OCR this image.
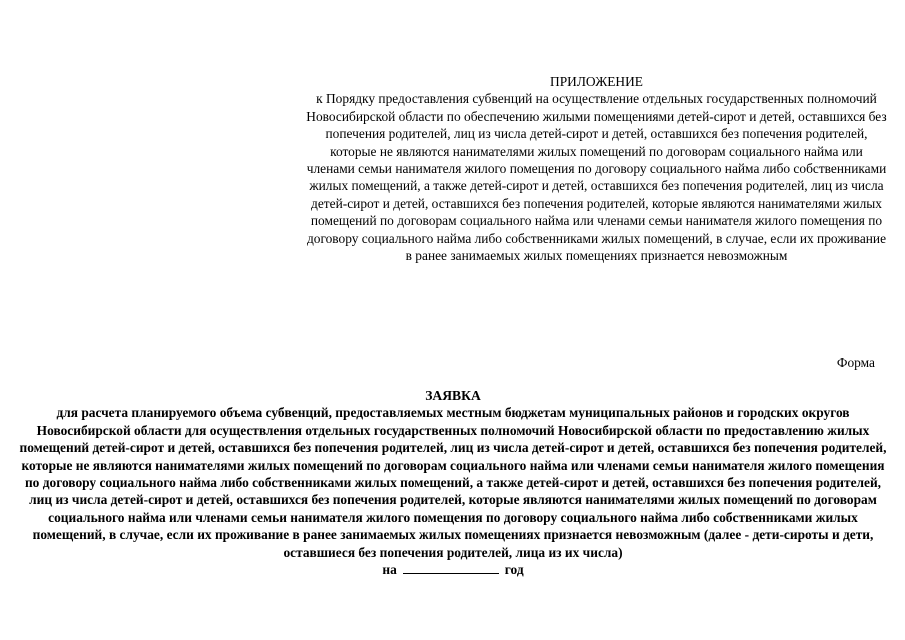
ПРИЛОЖЕНИЕ
к Порядку предоставления субвенций на осуществление отдельных государственных полномочий Новосибирской области по обеспечению жилыми помещениями детей-сирот и детей, оставшихся без попечения родителей, лиц из числа детей-сирот и детей, оставшихся без попечения родителей, которые не являются нанимателями жилых помещений по договорам социального найма или членами семьи нанимателя жилого помещения по договору социального найма либо собственниками жилых помещений, а также детей-сирот и детей, оставшихся без попечения родителей, лиц из числа детей-сирот и детей, оставшихся без попечения родителей, которые являются нанимателями жилых помещений по договорам социального найма или членами семьи нанимателя жилого помещения по договору социального найма либо собственниками жилых помещений, в случае, если их проживание в ранее занимаемых жилых помещениях признается невозможным
Форма
ЗАЯВКА
для расчета планируемого объема субвенций, предоставляемых местным бюджетам муниципальных районов и городских округов Новосибирской области для осуществления отдельных государственных полномочий Новосибирской области по предоставлению жилых помещений детей-сирот и детей, оставшихся без попечения родителей, лиц из числа детей-сирот и детей, оставшихся без попечения родителей, которые не являются нанимателями жилых помещений по договорам социального найма или членами семьи нанимателя жилого помещения по договору социального найма либо собственниками жилых помещений, а также детей-сирот и детей, оставшихся без попечения родителей, лиц из числа детей-сирот и детей, оставшихся без попечения родителей, которые являются нанимателями жилых помещений по договорам социального найма или членами семьи нанимателя жилого помещения по договору социального найма либо собственниками жилых помещений, в случае, если их проживание в ранее занимаемых жилых помещениях признается невозможным (далее - дети-сироты и дети, оставшиеся без попечения родителей, лица из их числа)
на	год
